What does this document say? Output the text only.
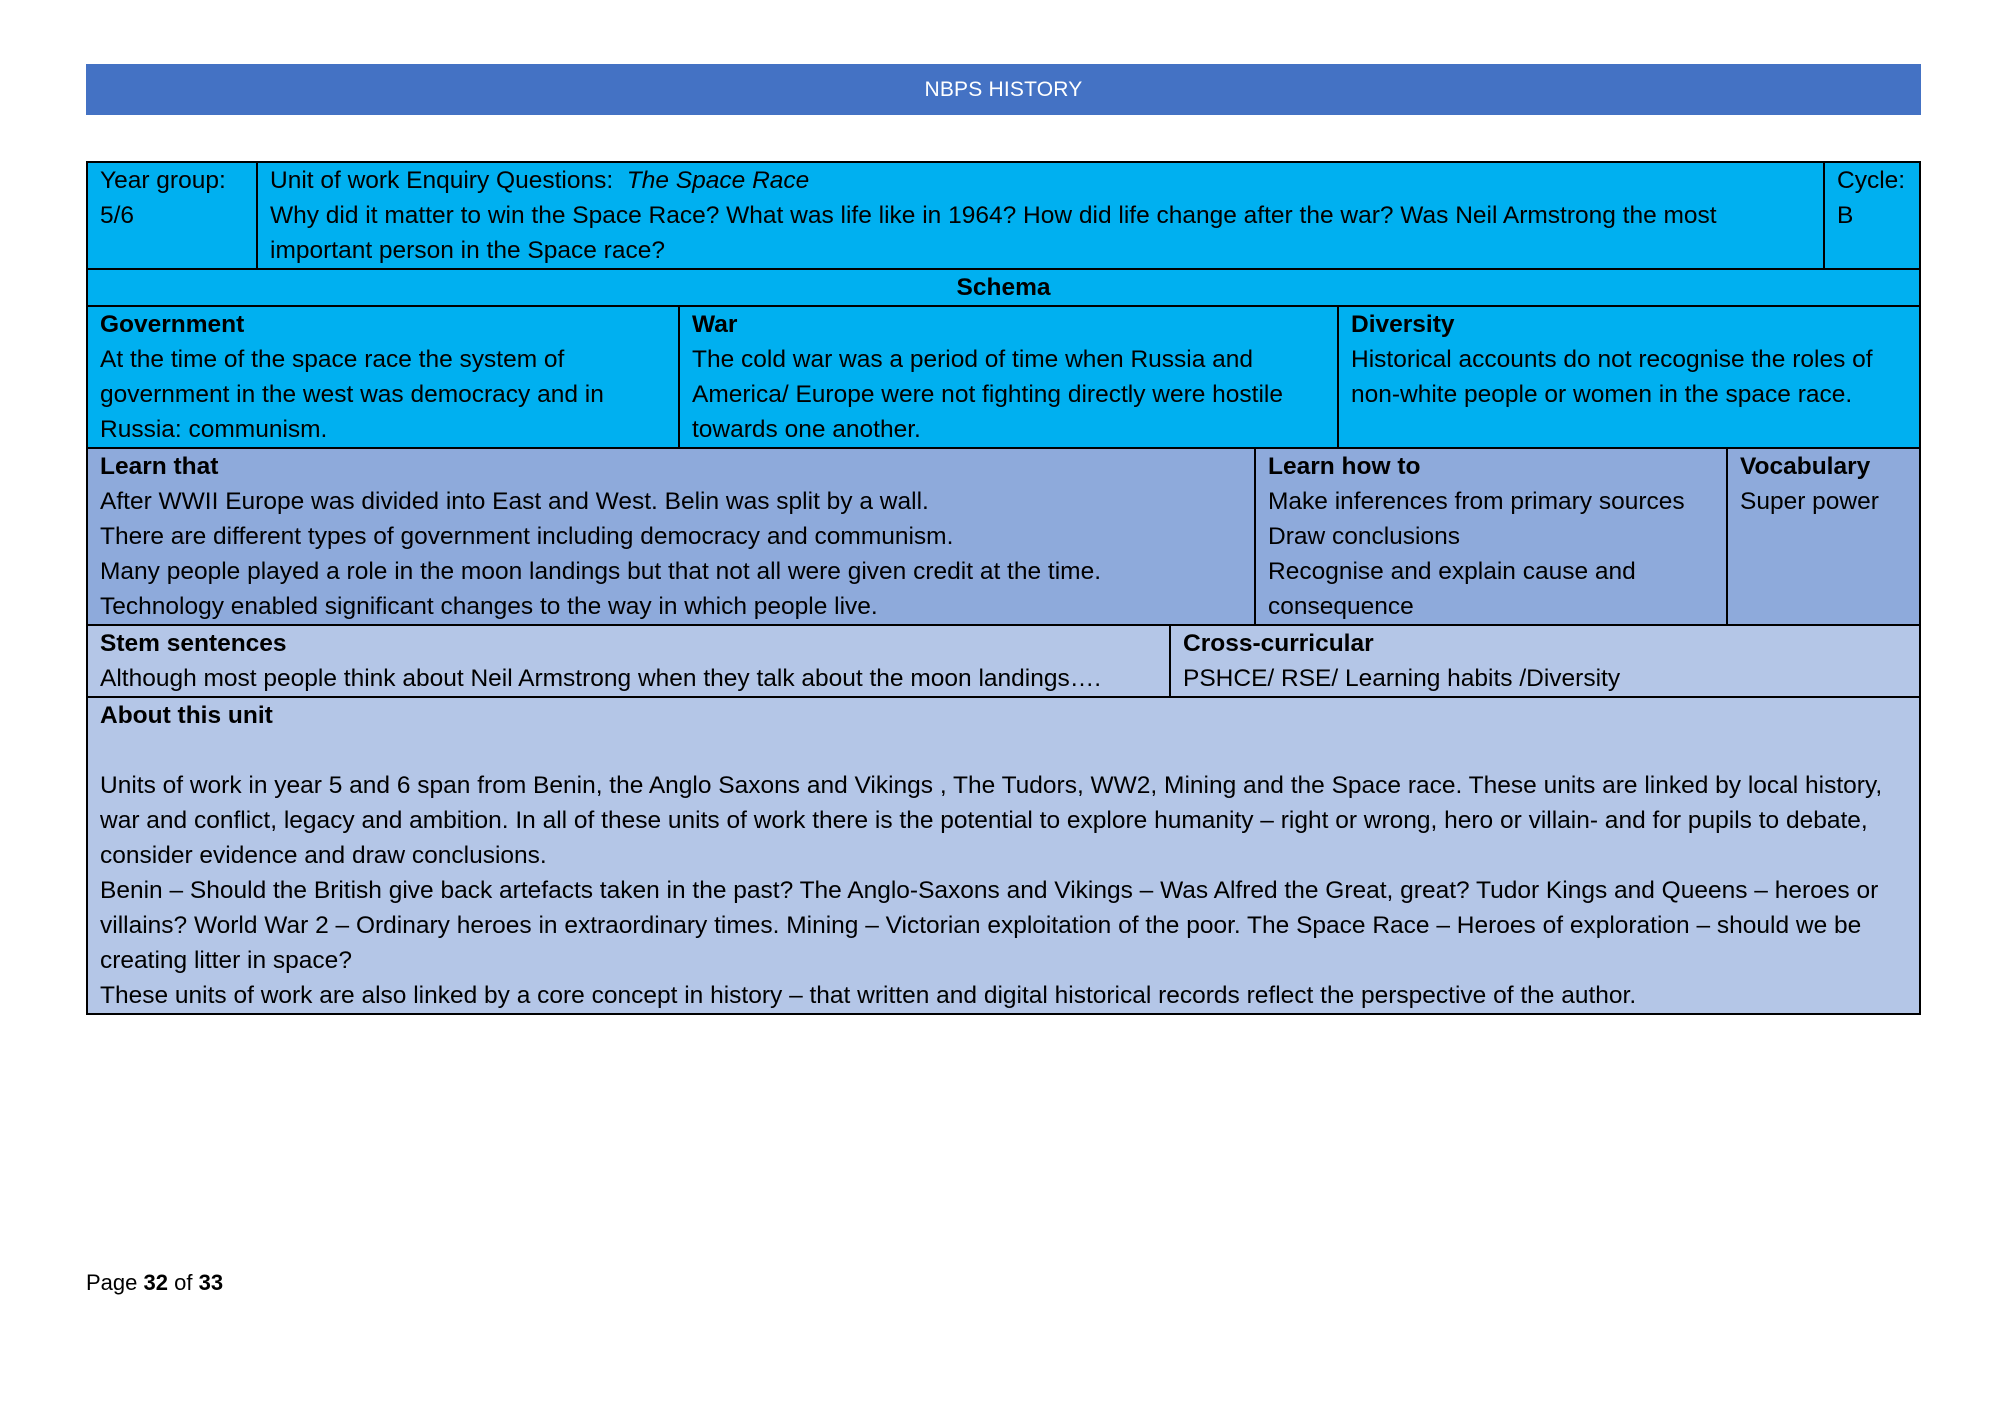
NBPS HISTORY
Year group:
5/6
Unit of work Enquiry Questions: The Space Race
Why did it matter to win the Space Race? What was life like in 1964? How did life change after the war? Was Neil Armstrong the most important person in the Space race?
Cycle:
B
Schema
Government
At the time of the space race the system of government in the west was democracy and in Russia: communism.
War
The cold war was a period of time when Russia and America/ Europe were not fighting directly were hostile towards one another.
Diversity
Historical accounts do not recognise the roles of non-white people or women in the space race.
Learn that
After WWII Europe was divided into East and West. Belin was split by a wall.
There are different types of government including democracy and communism.
Many people played a role in the moon landings but that not all were given credit at the time.
Technology enabled significant changes to the way in which people live.
Learn how to
Make inferences from primary sources
Draw conclusions
Recognise and explain cause and consequence
Vocabulary
Super power
Stem sentences
Although most people think about Neil Armstrong when they talk about the moon landings….
Cross-curricular
PSHCE/ RSE/ Learning habits /Diversity
About this unit
Units of work in year 5 and 6 span from Benin, the Anglo Saxons and Vikings , The Tudors, WW2, Mining and the Space race. These units are linked by local history, war and conflict, legacy and ambition. In all of these units of work there is the potential to explore humanity – right or wrong, hero or villain- and for pupils to debate, consider evidence and draw conclusions.
Benin – Should the British give back artefacts taken in the past? The Anglo-Saxons and Vikings – Was Alfred the Great, great? Tudor Kings and Queens – heroes or villains? World War 2 – Ordinary heroes in extraordinary times. Mining – Victorian exploitation of the poor. The Space Race – Heroes of exploration – should we be creating litter in space?
These units of work are also linked by a core concept in history – that written and digital historical records reflect the perspective of the author.
Page 32 of 33
